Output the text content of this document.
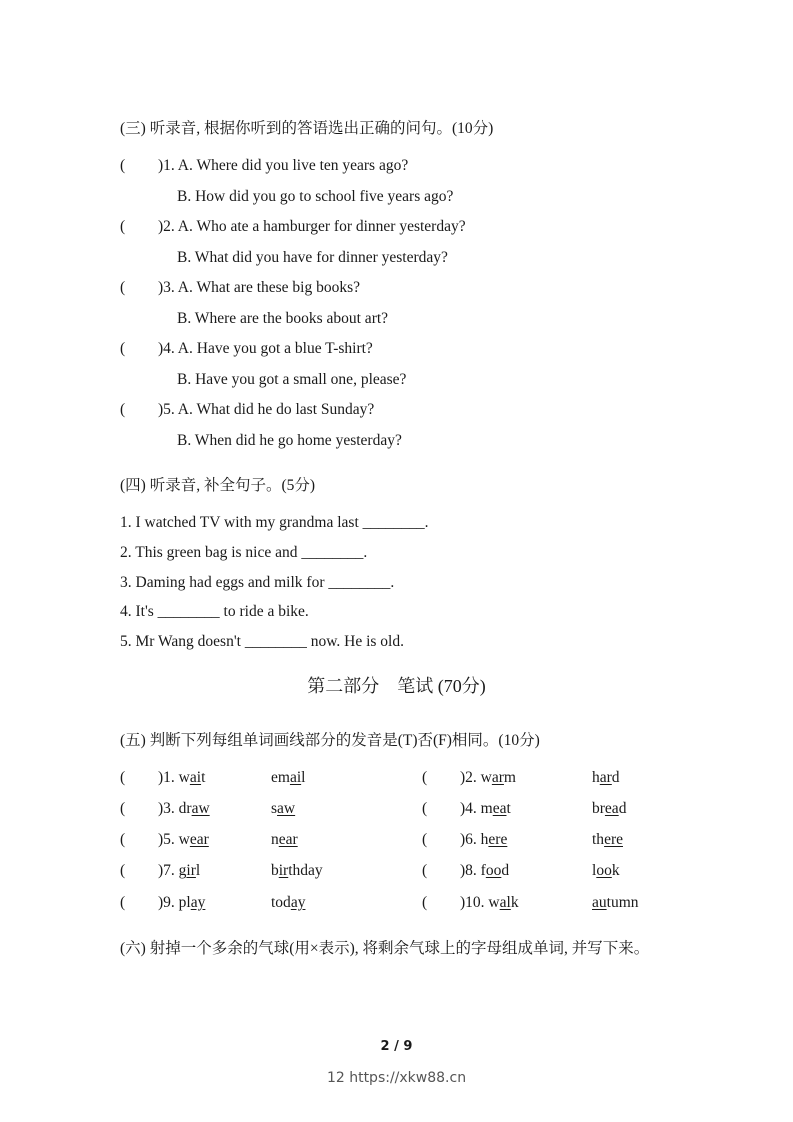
(三) 听录音, 根据你听到的答语选出正确的问句。(10分)
( )1. A. Where did you live ten years ago?
B. How did you go to school five years ago?
( )2. A. Who ate a hamburger for dinner yesterday?
B. What did you have for dinner yesterday?
( )3. A. What are these big books?
B. Where are the books about art?
( )4. A. Have you got a blue T-shirt?
B. Have you got a small one, please?
( )5. A. What did he do last Sunday?
B. When did he go home yesterday?
(四) 听录音, 补全句子。(5分)
1. I watched TV with my grandma last ________.
2. This green bag is nice and ________.
3. Daming had eggs and milk for ________.
4. It's ________ to ride a bike.
5. Mr Wang doesn't ________ now. He is old.
第二部分    笔试 (70分)
(五) 判断下列每组单词画线部分的发音是(T)否(F)相同。(10分)
( )1. wait	email	( )2. warm	hard
( )3. draw	saw	( )4. meat	bread
( )5. wear	near	( )6. here	there
( )7. girl	birthday	( )8. food	look
( )9. play	today	( )10. walk	autumn
(六) 射掉一个多余的气球(用×表示), 将剩余气球上的字母组成单词, 并写下来。
2 / 9
12 https://xkw88.cn
